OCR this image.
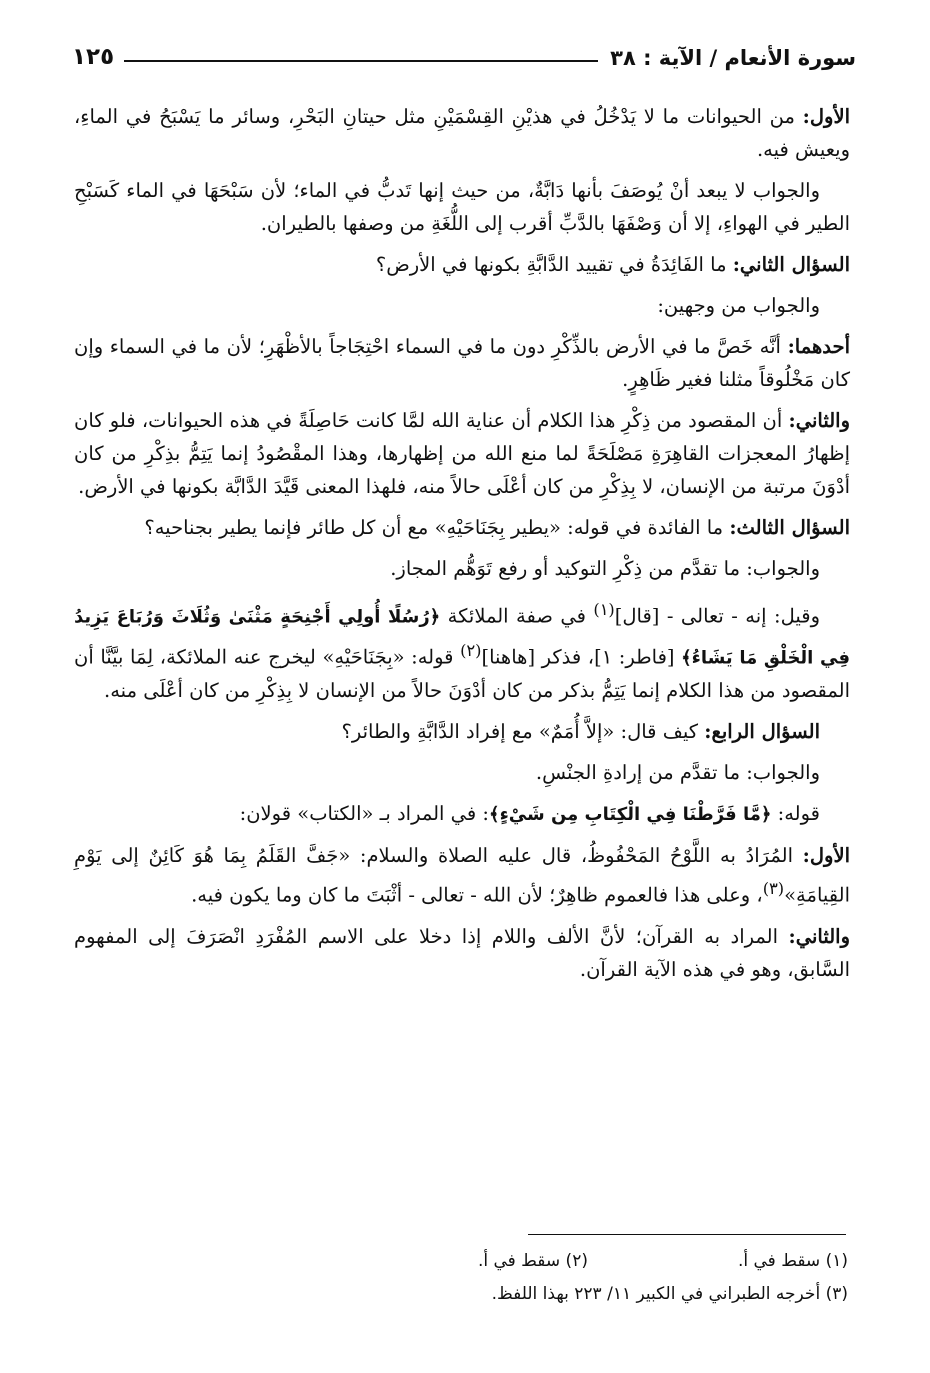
سورة الأنعام / الآية : ٣٨
١٢٥

الأول: من الحيوانات ما لا يَدْخُلُ في هذيْنِ القِسْمَيْنِ مثل حيتانِ البَحْرِ، وسائر ما يَسْبَحُ في الماءِ، ويعيش فيه.

والجواب لا يبعد أنْ يُوصَفَ بأنها دَابَّةٌ، من حيث إنها تَدبُّ في الماء؛ لأن سَبْحَهَا في الماء كَسَبْحِ الطير في الهواءِ، إلا أن وَصْفَهَا بالدَّبِّ أقرب إلى اللُّغَةِ من وصفها بالطيران.

السؤال الثاني: ما الفَائِدَةُ في تقييد الدَّابَّةِ بكونها في الأرض؟

والجواب من وجهين:

أحدهما: أنَّه خَصَّ ما في الأرض بالذِّكْرِ دون ما في السماء احْتِجَاجاً بالأظْهَرِ؛ لأن ما في السماء وإن كان مَخْلُوقاً مثلنا فغير ظَاهِرٍ.

والثاني: أن المقصود من ذِكْرِ هذا الكلام أن عناية الله لمَّا كانت حَاصِلَةً في هذه الحيوانات، فلو كان إظهارُ المعجزات القاهِرَةِ مَصْلَحَةً لما منع الله من إظهارها، وهذا المقْصُودُ إنما يَتِمُّ بذِكْرِ من كان أدْوَنَ مرتبة من الإنسان، لا بِذِكْرِ من كان أعْلَى حالاً منه، فلهذا المعنى قَيَّدَ الدَّابَّة بكونها في الأرض.

السؤال الثالث: ما الفائدة في قوله: «يطير بِجَنَاحَيْهِ» مع أن كل طائر فإنما يطير بجناحيه؟

والجواب: ما تقدَّم من ذِكْرِ التوكيد أو رفع تَوَهُّم المجاز.

وقيل: إنه - تعالى - [قال]$^{(١)}$ في صفة الملائكة ﴿رُسُلًا أُولِي أَجْنِحَةٍ مَثْنَىٰ وَثُلَاثَ وَرُبَاعَ يَزِيدُ فِي الْخَلْقِ مَا يَشَاءُ﴾ [فاطر: ١]، فذكر [هاهنا]$^{(٢)}$ قوله: «بِجَنَاحَيْهِ» ليخرج عنه الملائكة، لِمَا بيَّنَّا أن المقصود من هذا الكلام إنما يَتِمُّ بذكر من كان أدْوَنَ حالاً من الإنسان لا بِذِكْرِ من كان أعْلَى منه.

السؤال الرابع: كيف قال: «إلاَّ أُمَمٌ» مع إفراد الدَّابَّةِ والطائر؟

والجواب: ما تقدَّم من إرادةِ الجنْسِ.

قوله: ﴿مَّا فَرَّطْنَا فِي الْكِتَابِ مِن شَيْءٍ﴾: في المراد بـ «الكتاب» قولان:

الأول: المُرَادُ به اللَّوْحُ المَحْفُوظُ، قال عليه الصلاة والسلام: «جَفَّ القَلَمُ بِمَا هُوَ كَائِنٌ إلى يَوْمِ القِيامَةِ»$^{(٣)}$، وعلى هذا فالعموم ظاهِرٌ؛ لأن الله - تعالى - أثْبَتَ ما كان وما يكون فيه.

والثاني: المراد به القرآن؛ لأنَّ الألف واللام إذا دخلا على الاسم المُفْرَدِ انْصَرَفَ إلى المفهوم السَّابق، وهو في هذه الآية القرآن.

(١) سقط في أ.
(٢) سقط في أ.
(٣) أخرجه الطبراني في الكبير ١١/ ٢٢٣ بهذا اللفظ.
